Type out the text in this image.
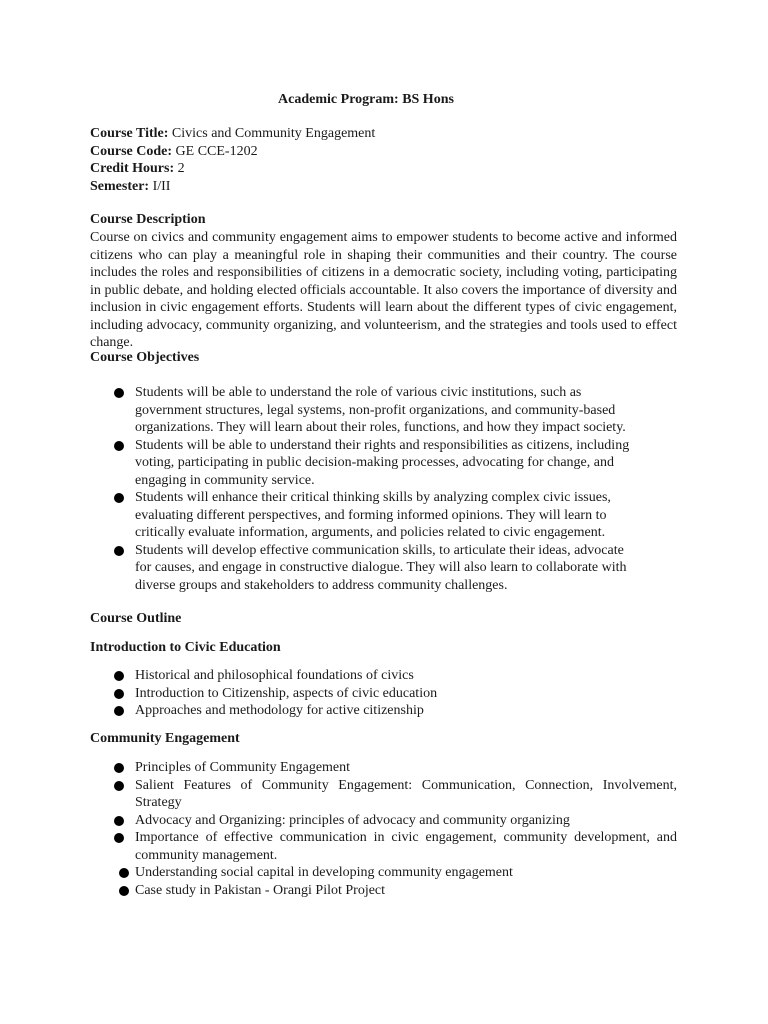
Academic Program: BS Hons
Course Title: Civics and Community Engagement
Course Code: GE CCE-1202
Credit Hours: 2
Semester: I/II
Course Description
Course on civics and community engagement aims to empower students to become active and informed citizens who can play a meaningful role in shaping their communities and their country. The course includes the roles and responsibilities of citizens in a democratic society, including voting, participating in public debate, and holding elected officials accountable. It also covers the importance of diversity and inclusion in civic engagement efforts. Students will learn about the different types of civic engagement, including advocacy, community organizing, and volunteerism, and the strategies and tools used to effect change.
Course Objectives
Students will be able to understand the role of various civic institutions, such as government structures, legal systems, non-profit organizations, and community-based organizations. They will learn about their roles, functions, and how they impact society.
Students will be able to understand their rights and responsibilities as citizens, including voting, participating in public decision-making processes, advocating for change, and engaging in community service.
Students will enhance their critical thinking skills by analyzing complex civic issues, evaluating different perspectives, and forming informed opinions. They will learn to critically evaluate information, arguments, and policies related to civic engagement.
Students will develop effective communication skills, to articulate their ideas, advocate for causes, and engage in constructive dialogue. They will also learn to collaborate with diverse groups and stakeholders to address community challenges.
Course Outline
Introduction to Civic Education
Historical and philosophical foundations of civics
Introduction to Citizenship, aspects of civic education
Approaches and methodology for active citizenship
Community Engagement
Principles of Community Engagement
Salient Features of Community Engagement: Communication, Connection, Involvement, Strategy
Advocacy and Organizing: principles of advocacy and community organizing
Importance of effective communication in civic engagement, community development, and community management.
Understanding social capital in developing community engagement
Case study in Pakistan - Orangi Pilot Project
